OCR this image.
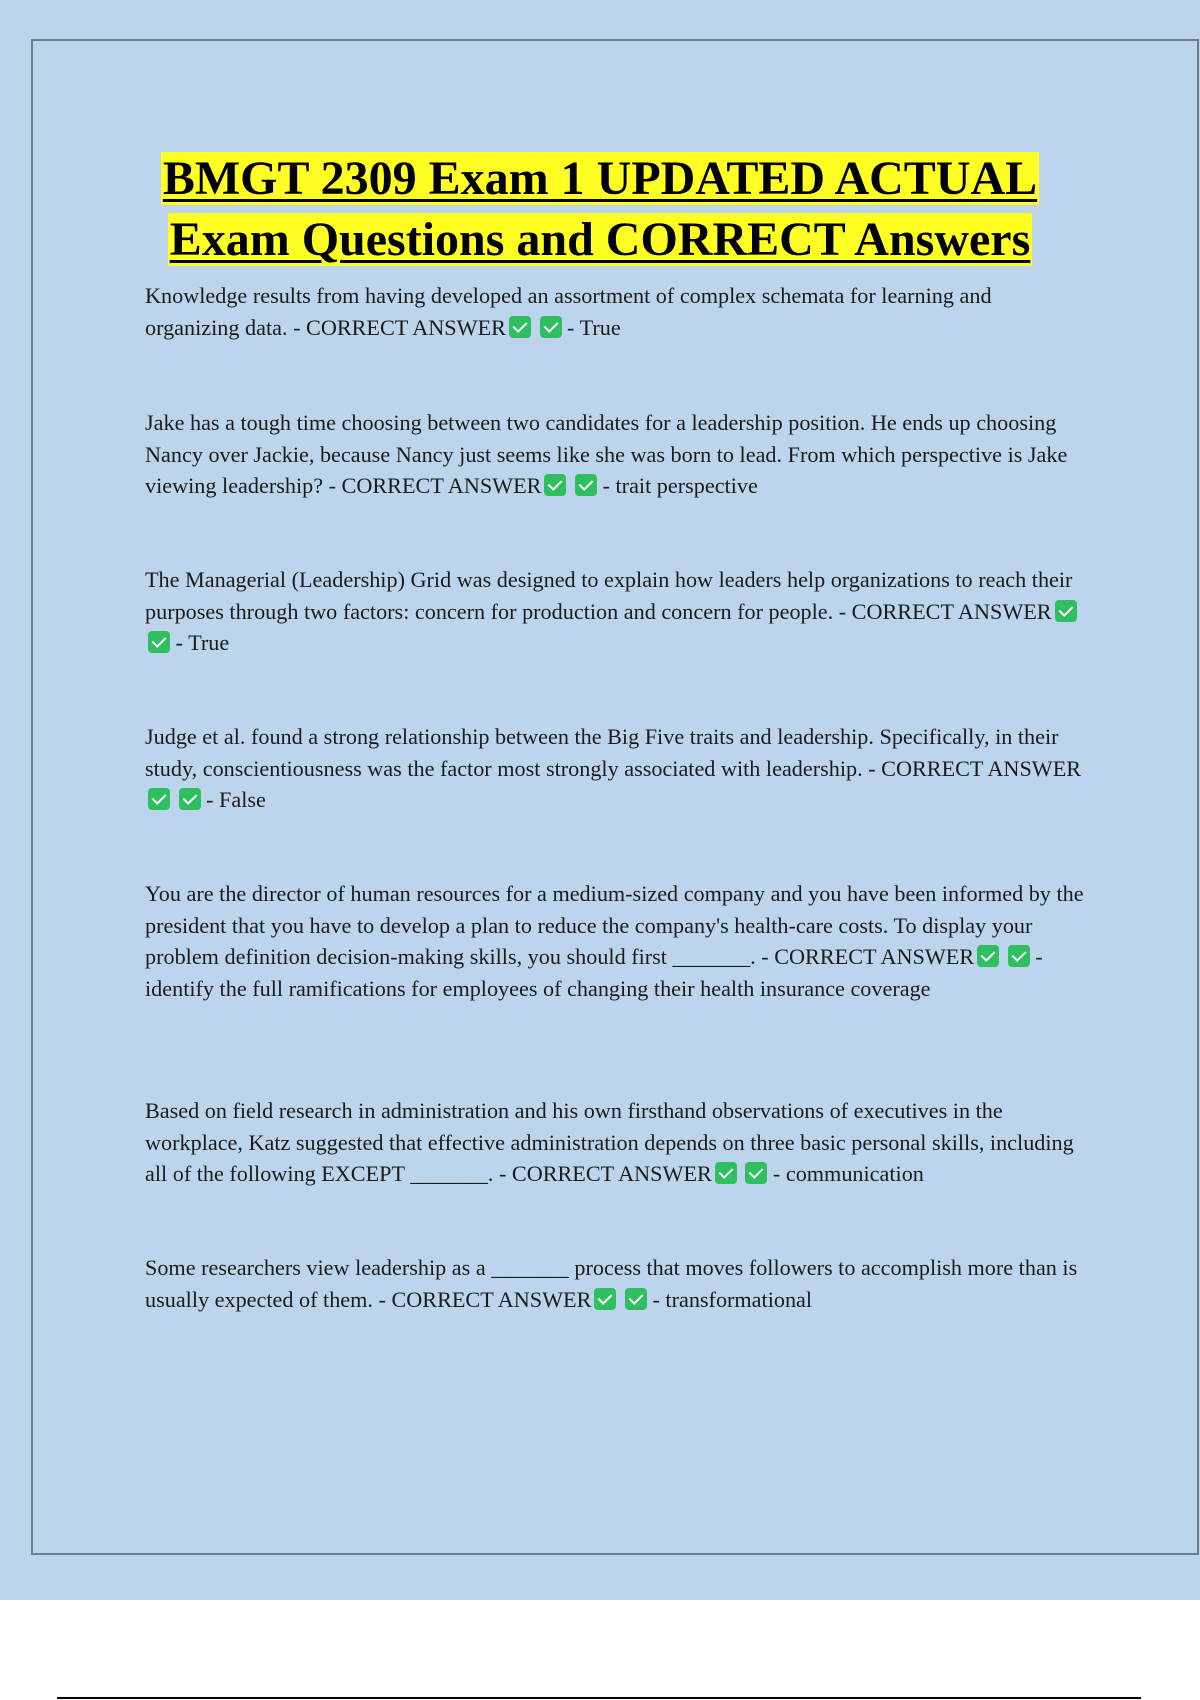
BMGT 2309 Exam 1 UPDATED ACTUAL
Exam Questions and CORRECT Answers

Knowledge results from having developed an assortment of complex schemata for learning and organizing data. - CORRECT ANSWER	- True

Jake has a tough time choosing between two candidates for a leadership position. He ends up choosing Nancy over Jackie, because Nancy just seems like she was born to lead. From which perspective is Jake viewing leadership? - CORRECT ANSWER	- trait perspective

The Managerial (Leadership) Grid was designed to explain how leaders help organizations to reach their purposes through two factors: concern for production and concern for people. - CORRECT ANSWER  - True

Judge et al. found a strong relationship between the Big Five traits and leadership. Specifically, in their study, conscientiousness was the factor most strongly associated with leadership. - CORRECT ANSWER  - False

You are the director of human resources for a medium-sized company and you have been informed by the president that you have to develop a plan to reduce the company's health-care costs. To display your problem definition decision-making skills, you should first _______. - CORRECT ANSWER	- identify the full ramifications for employees of changing their health insurance coverage

Based on field research in administration and his own firsthand observations of executives in the workplace, Katz suggested that effective administration depends on three basic personal skills, including all of the following EXCEPT _______. - CORRECT ANSWER	- communication

Some researchers view leadership as a _______ process that moves followers to accomplish more than is usually expected of them. - CORRECT ANSWER	- transformational
